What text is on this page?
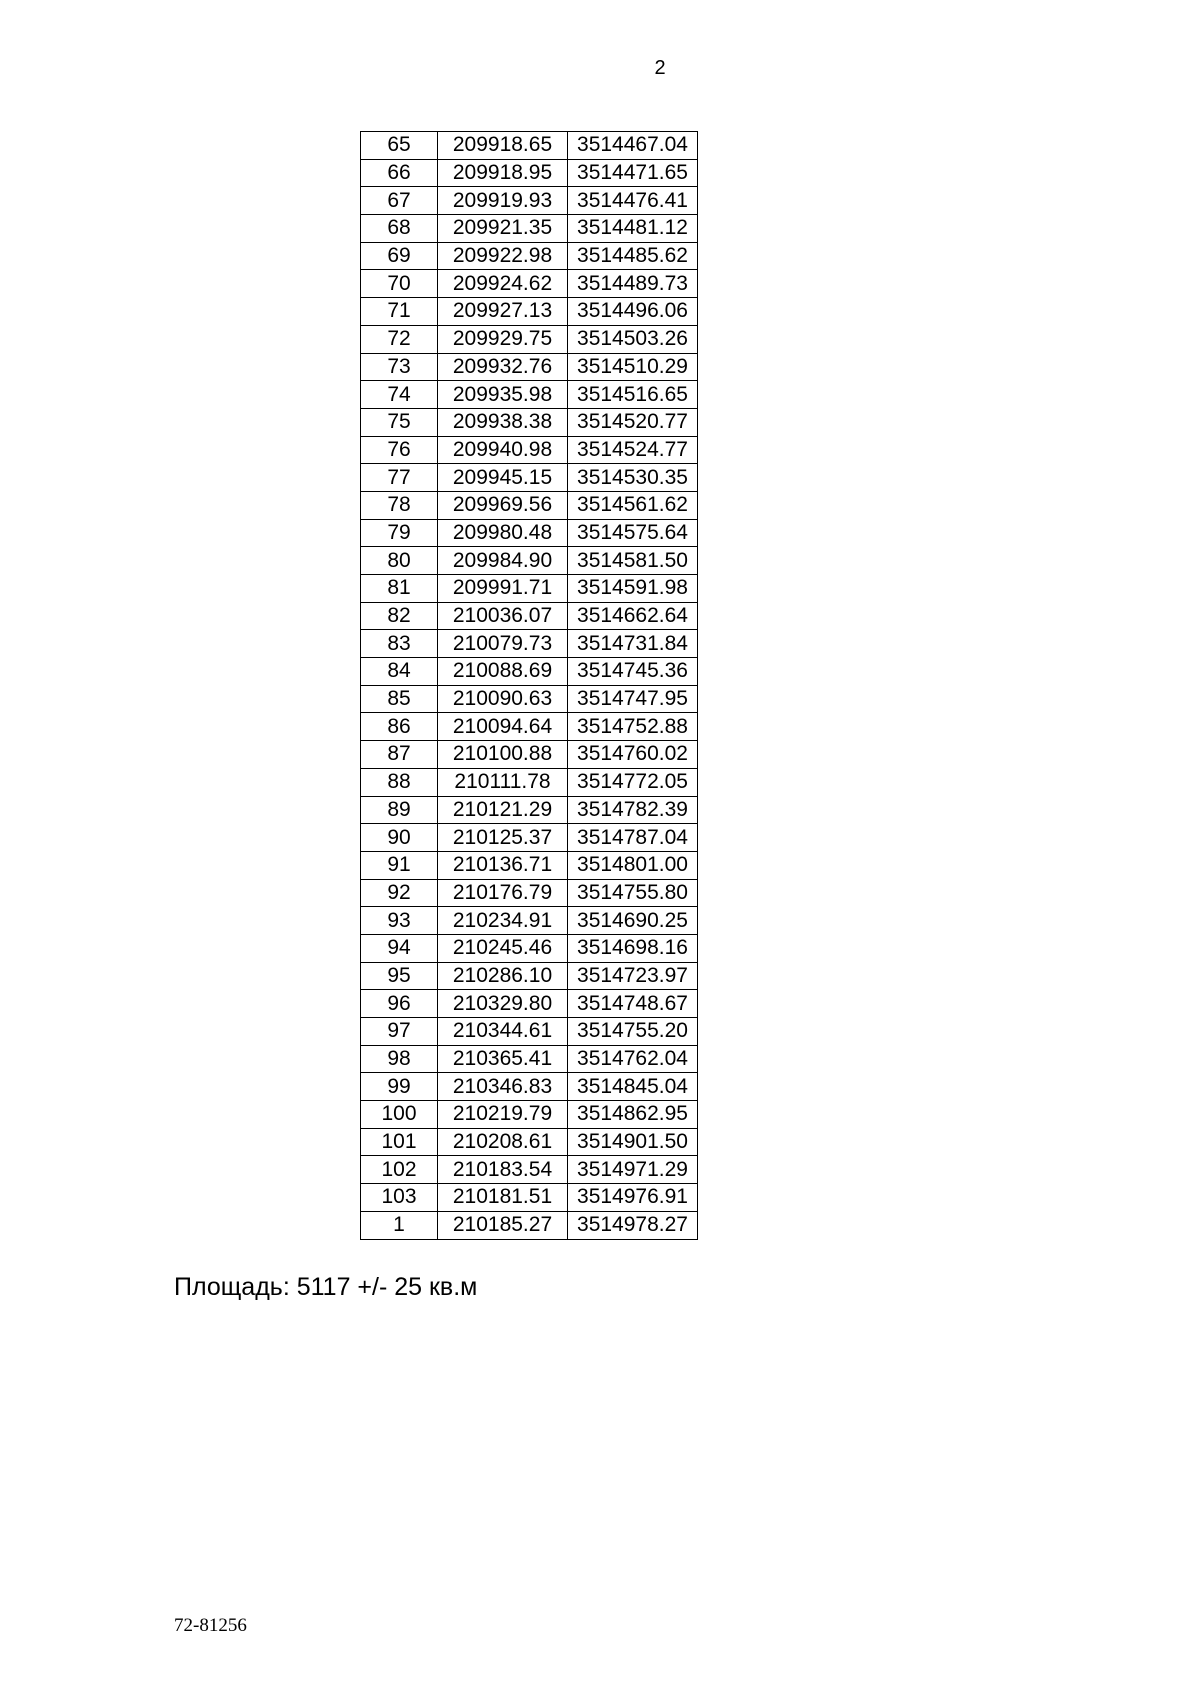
2
65	209918.65	3514467.04
66	209918.95	3514471.65
67	209919.93	3514476.41
68	209921.35	3514481.12
69	209922.98	3514485.62
70	209924.62	3514489.73
71	209927.13	3514496.06
72	209929.75	3514503.26
73	209932.76	3514510.29
74	209935.98	3514516.65
75	209938.38	3514520.77
76	209940.98	3514524.77
77	209945.15	3514530.35
78	209969.56	3514561.62
79	209980.48	3514575.64
80	209984.90	3514581.50
81	209991.71	3514591.98
82	210036.07	3514662.64
83	210079.73	3514731.84
84	210088.69	3514745.36
85	210090.63	3514747.95
86	210094.64	3514752.88
87	210100.88	3514760.02
88	210111.78	3514772.05
89	210121.29	3514782.39
90	210125.37	3514787.04
91	210136.71	3514801.00
92	210176.79	3514755.80
93	210234.91	3514690.25
94	210245.46	3514698.16
95	210286.10	3514723.97
96	210329.80	3514748.67
97	210344.61	3514755.20
98	210365.41	3514762.04
99	210346.83	3514845.04
100	210219.79	3514862.95
101	210208.61	3514901.50
102	210183.54	3514971.29
103	210181.51	3514976.91
1	210185.27	3514978.27
Площадь: 5117 +/- 25 кв.м
72-81256
